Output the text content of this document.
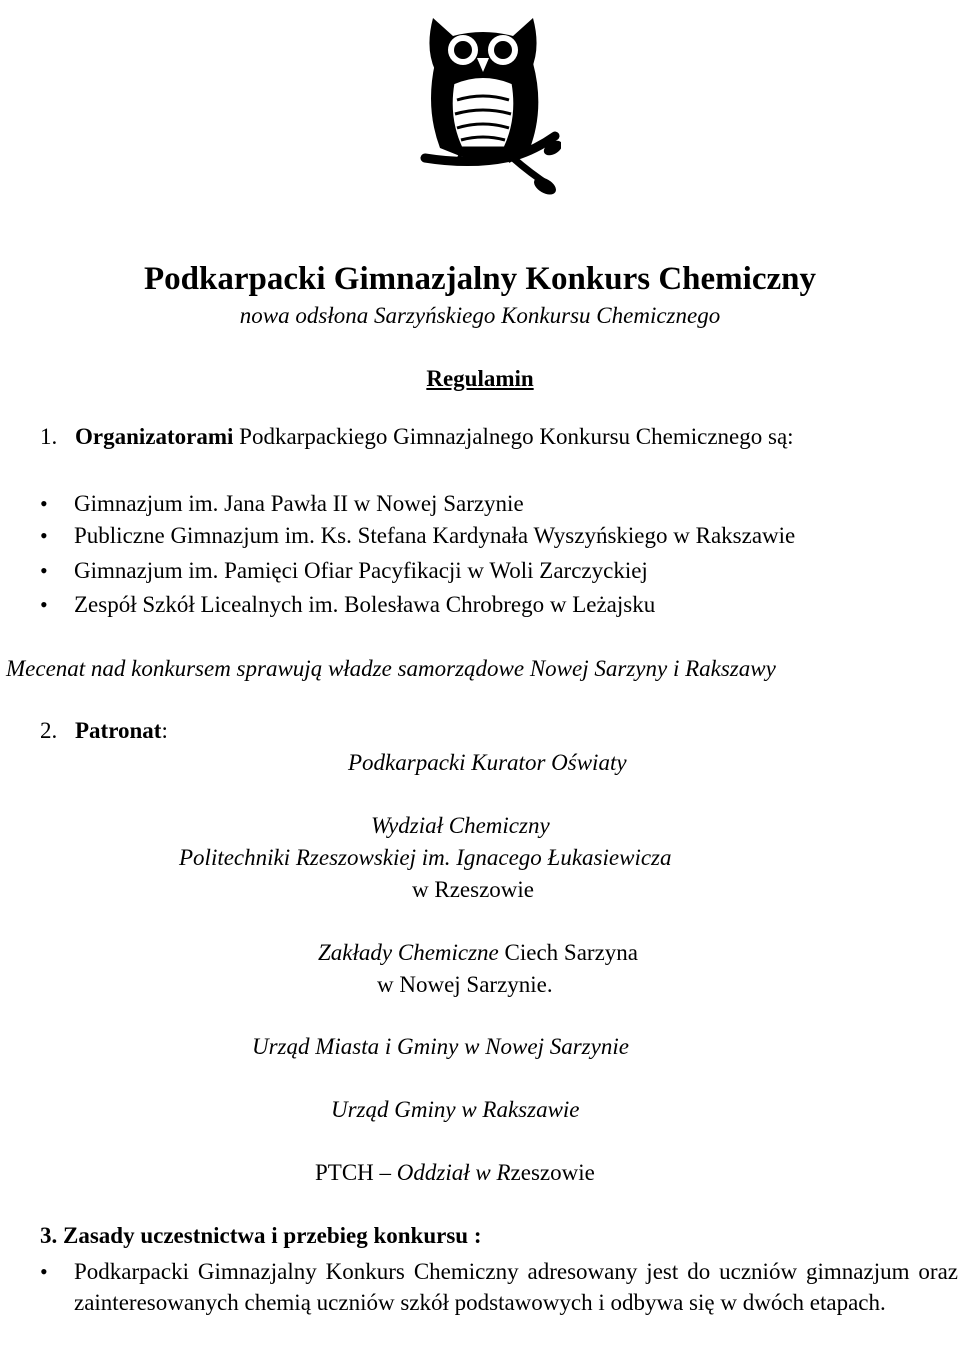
Podkarpacki Gimnazjalny Konkurs Chemiczny
nowa odsłona Sarzyńskiego Konkursu Chemicznego
Regulamin
1. Organizatorami Podkarpackiego Gimnazjalnego Konkursu Chemicznego są:
•Gimnazjum im. Jana Pawła II w Nowej Sarzynie
•Publiczne Gimnazjum im. Ks. Stefana Kardynała Wyszyńskiego w Rakszawie
•Gimnazjum im. Pamięci Ofiar Pacyfikacji w Woli Zarczyckiej
•Zespół Szkół Licealnych im. Bolesława Chrobrego w Leżajsku
Mecenat nad konkursem sprawują władze samorządowe Nowej Sarzyny i Rakszawy
2. Patronat:
Podkarpacki Kurator Oświaty
Wydział Chemiczny
Politechniki Rzeszowskiej im. Ignacego Łukasiewicza
w Rzeszowie
Zakłady Chemiczne Ciech Sarzyna
w Nowej Sarzynie.
Urząd Miasta i Gminy w Nowej Sarzynie
Urząd Gminy w Rakszawie
PTCH – Oddział w Rzeszowie
3. Zasady uczestnictwa i przebieg konkursu :
•
Podkarpacki Gimnazjalny Konkurs Chemiczny adresowany jest do uczniów gimnazjum oraz zainteresowanych chemią uczniów szkół podstawowych i odbywa się w dwóch etapach.
